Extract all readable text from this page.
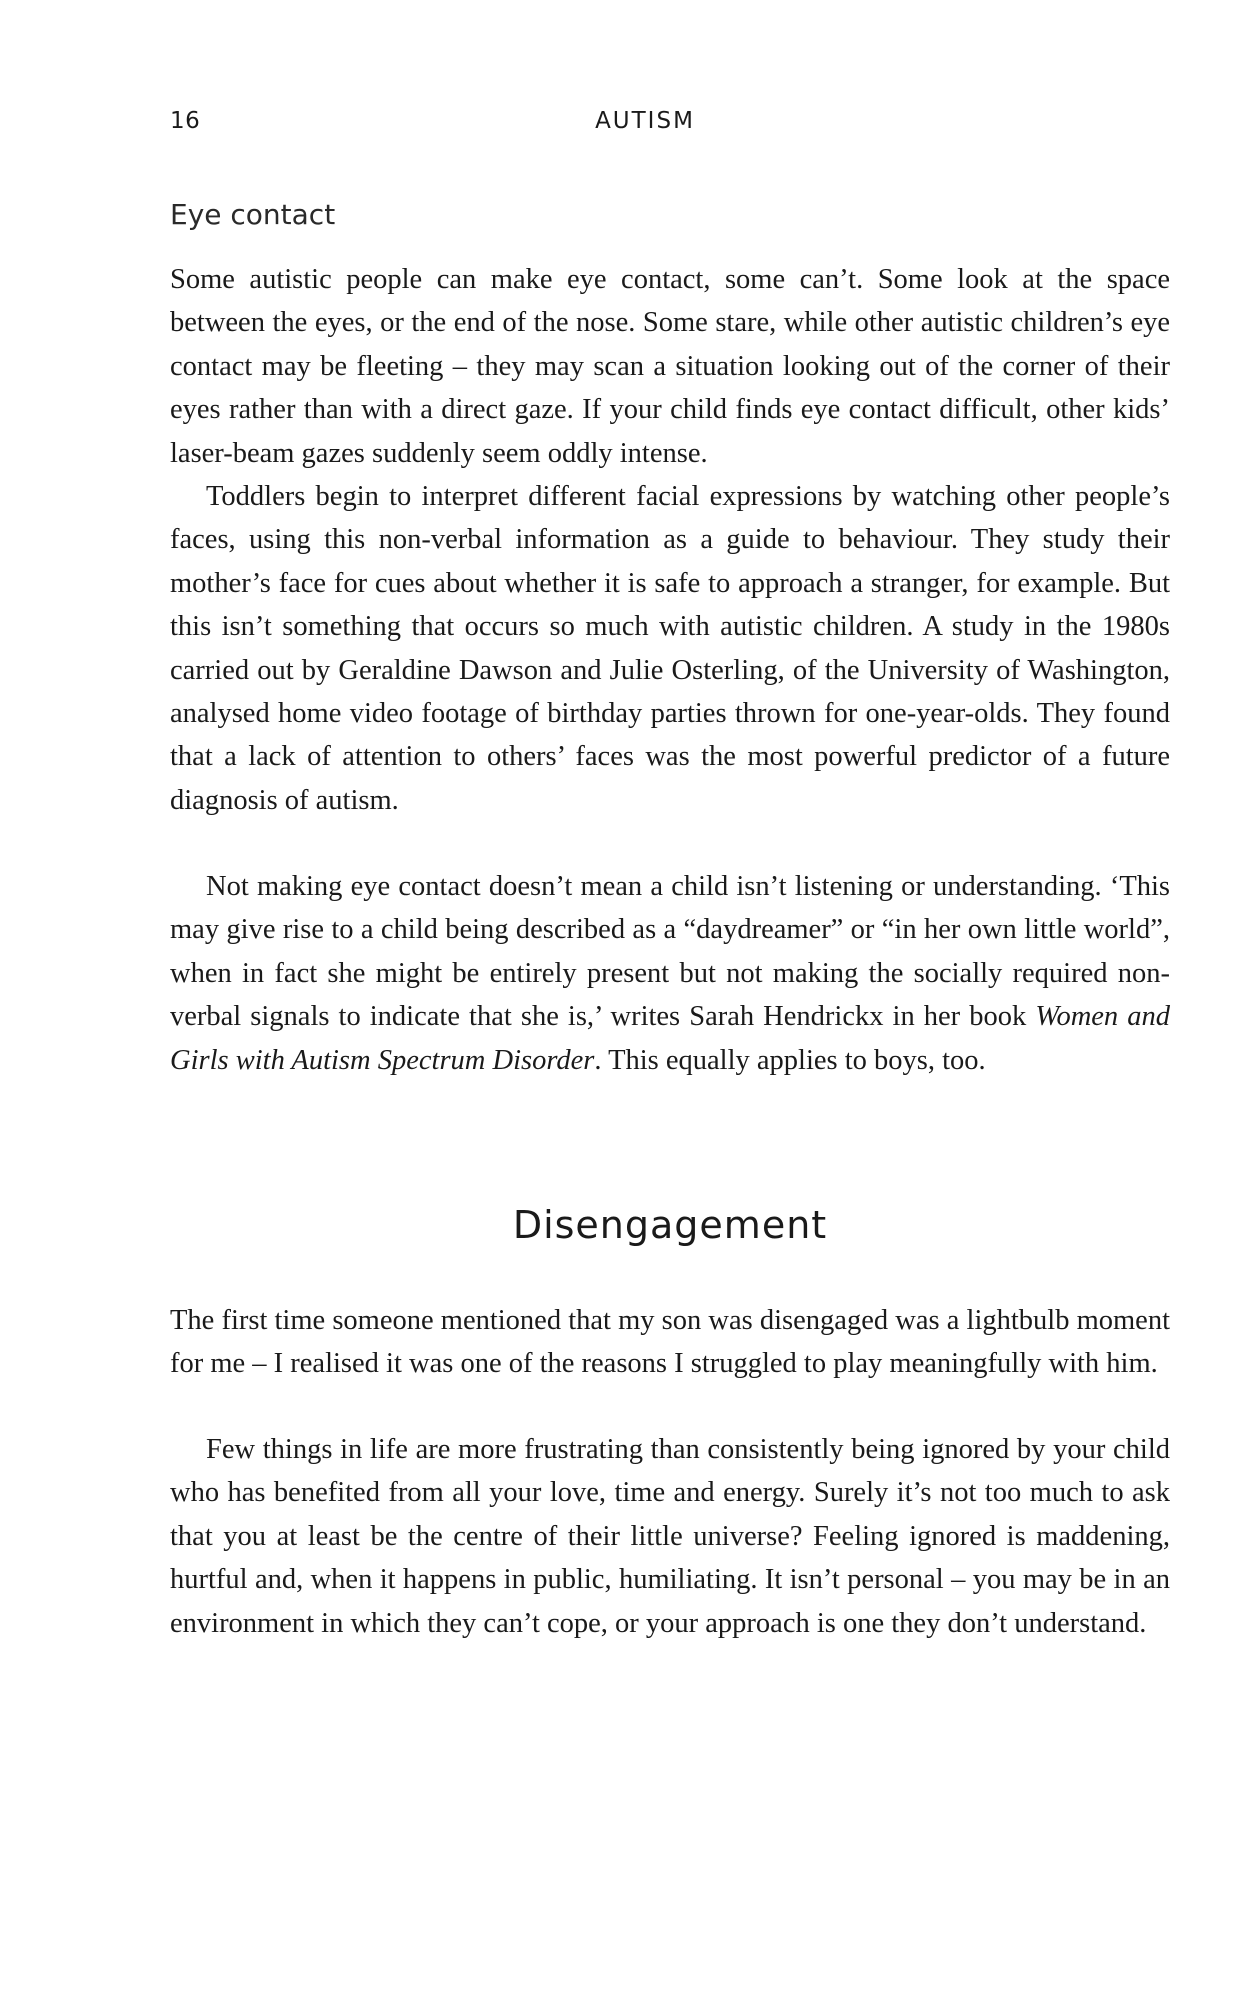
16	AUTISM
Eye contact

Some autistic people can make eye contact, some can’t. Some look at the space between the eyes, or the end of the nose. Some stare, while other autistic children’s eye contact may be fleeting – they may scan a situation looking out of the corner of their eyes rather than with a direct gaze. If your child finds eye contact difficult, other kids’ laser-beam gazes suddenly seem oddly intense.

Toddlers begin to interpret different facial expressions by watching other people’s faces, using this non-verbal information as a guide to behaviour. They study their mother’s face for cues about whether it is safe to approach a stranger, for example. But this isn’t something that occurs so much with autistic children. A study in the 1980s carried out by Geraldine Dawson and Julie Osterling, of the University of Washington, analysed home video footage of birthday parties thrown for one-year-olds. They found that a lack of attention to others’ faces was the most powerful predictor of a future diagnosis of autism.

Not making eye contact doesn’t mean a child isn’t listening or understanding. ‘This may give rise to a child being described as a “daydreamer” or “in her own little world”, when in fact she might be entirely present but not making the socially required non-verbal signals to indicate that she is,’ writes Sarah Hendrickx in her book Women and Girls with Autism Spectrum Disorder. This equally applies to boys, too.

Disengagement

The first time someone mentioned that my son was disengaged was a lightbulb moment for me – I realised it was one of the reasons I struggled to play meaningfully with him.

Few things in life are more frustrating than consistently being ignored by your child who has benefited from all your love, time and energy. Surely it’s not too much to ask that you at least be the centre of their little universe? Feeling ignored is maddening, hurtful and, when it happens in public, humiliating. It isn’t personal – you may be in an environment in which they can’t cope, or your approach is one they don’t understand.
